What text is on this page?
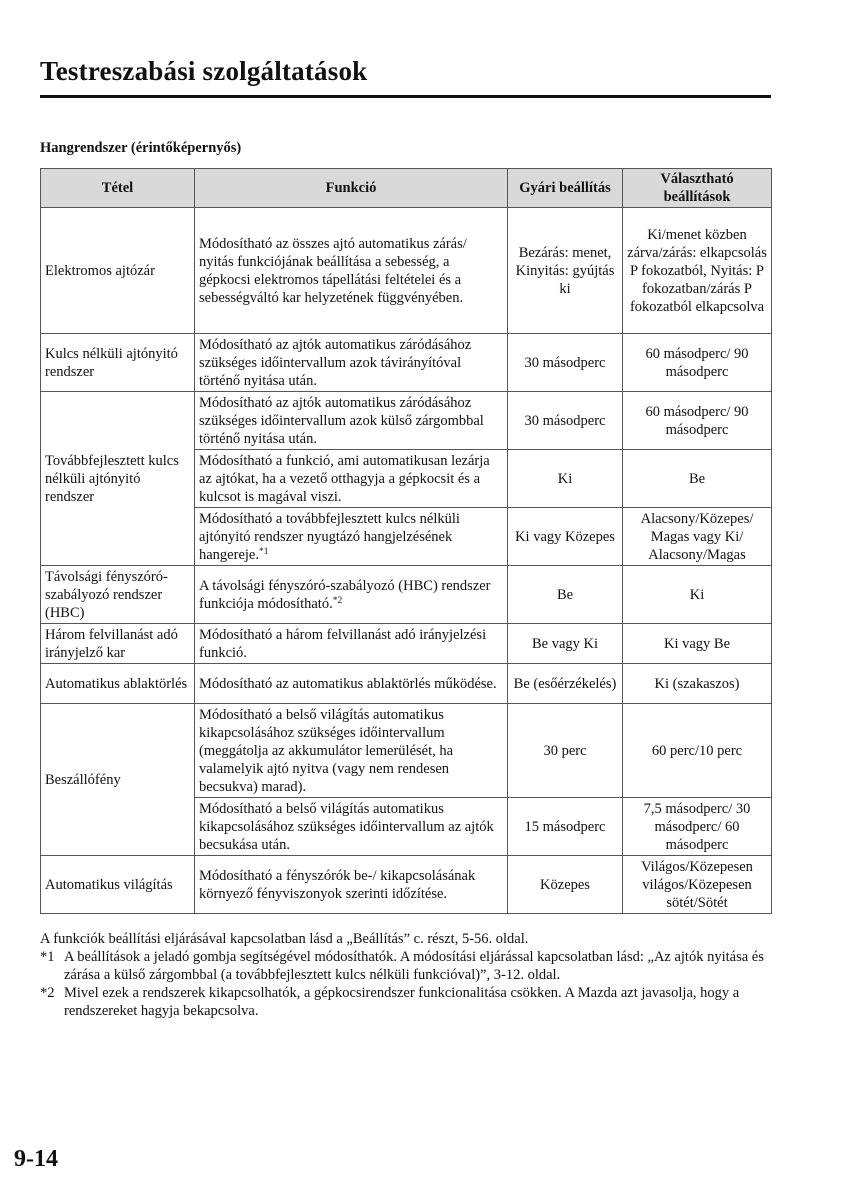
Testreszabási szolgáltatások
Hangrendszer (érintőképernyős)
Tétel	Funkció	Gyári beállítás	Választható beállítások
Elektromos ajtózár	Módosítható az összes ajtó automatikus zárás/ nyitás funkciójának beállítása a sebesség, a gépkocsi elektromos tápellátási feltételei és a sebességváltó kar helyzetének függvényében.	Bezárás: menet, Kinyitás: gyújtás ki	Ki/menet közben zárva/zárás: elkapcsolás P fokozatból, Nyitás: P fokozatban/zárás P fokozatból elkapcsolva
Kulcs nélküli ajtónyitó rendszer	Módosítható az ajtók automatikus záródásához szükséges időintervallum azok távirányítóval történő nyitása után.	30 másodperc	60 másodperc/ 90 másodperc
Továbbfejlesztett kulcs nélküli ajtónyitó rendszer	Módosítható az ajtók automatikus záródásához szükséges időintervallum azok külső zárgombbal történő nyitása után.	30 másodperc	60 másodperc/ 90 másodperc
	Módosítható a funkció, ami automatikusan lezárja az ajtókat, ha a vezető otthagyja a gépkocsit és a kulcsot is magával viszi.	Ki	Be
	Módosítható a továbbfejlesztett kulcs nélküli ajtónyitó rendszer nyugtázó hangjelzésének hangereje.$^{*1}$	Ki vagy Közepes	Alacsony/Közepes/ Magas vagy Ki/ Alacsony/Magas
Távolsági fényszóró-szabályozó rendszer (HBC)	A távolsági fényszóró-szabályozó (HBC) rendszer funkciója módosítható.$^{*2}$	Be	Ki
Három felvillanást adó irányjelző kar	Módosítható a három felvillanást adó irányjelzési funkció.	Be vagy Ki	Ki vagy Be
Automatikus ablaktörlés	Módosítható az automatikus ablaktörlés működése.	Be (esőérzékelés)	Ki (szakaszos)
Beszállófény	Módosítható a belső világítás automatikus kikapcsolásához szükséges időintervallum (meggátolja az akkumulátor lemerülését, ha valamelyik ajtó nyitva (vagy nem rendesen becsukva) marad).	30 perc	60 perc/10 perc
	Módosítható a belső világítás automatikus kikapcsolásához szükséges időintervallum az ajtók becsukása után.	15 másodperc	7,5 másodperc/ 30 másodperc/ 60 másodperc
Automatikus világítás	Módosítható a fényszórók be-/ kikapcsolásának környező fényviszonyok szerinti időzítése.	Közepes	Világos/Közepesen világos/Közepesen sötét/Sötét

A funkciók beállítási eljárásával kapcsolatban lásd a „Beállítás” c. részt, 5-56. oldal.

*1 A beállítások a jeladó gombja segítségével módosíthatók. A módosítási eljárással kapcsolatban lásd: „Az ajtók nyitása és zárása a külső zárgombbal (a továbbfejlesztett kulcs nélküli funkcióval)”, 3-12. oldal.
*2 Mivel ezek a rendszerek kikapcsolhatók, a gépkocsirendszer funkcionalitása csökken. A Mazda azt javasolja, hogy a rendszereket hagyja bekapcsolva.
9-14
